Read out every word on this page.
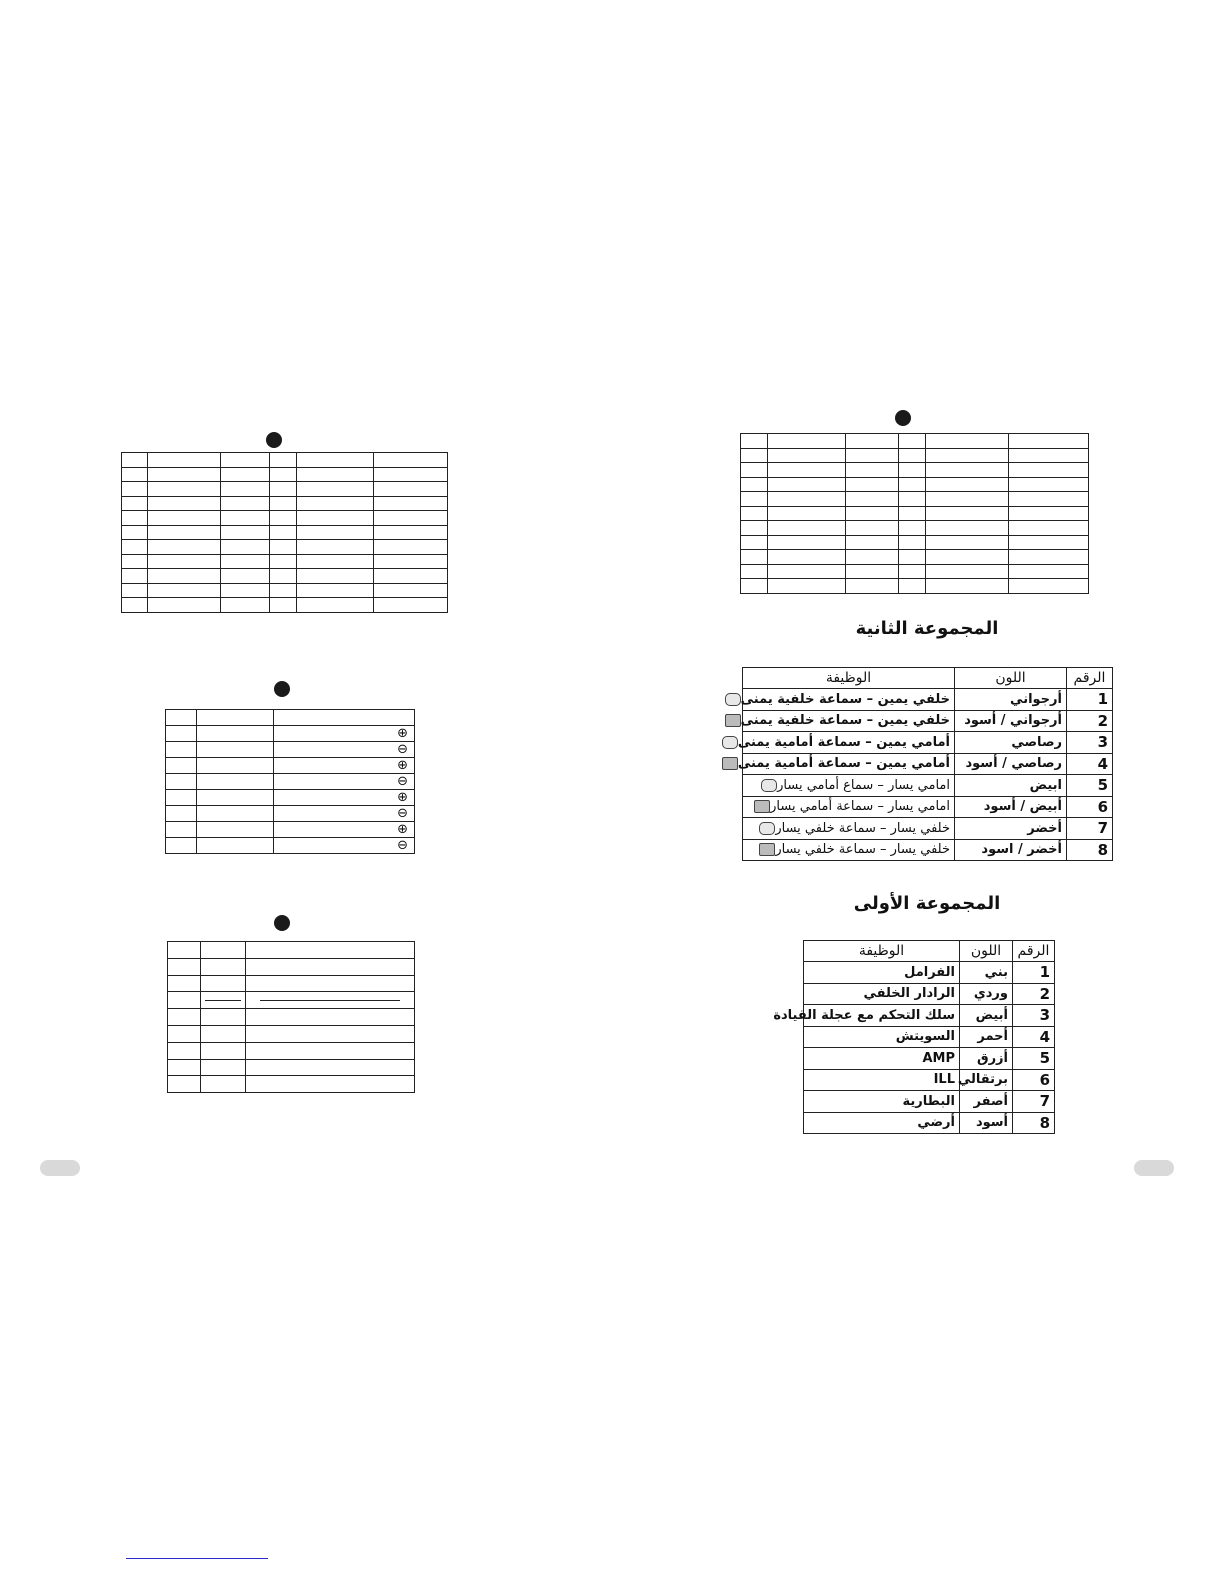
		⊕
		⊖
		⊕
		⊖
		⊕
		⊖
		⊕
		⊖

المجموعة الثانية
الرقم	اللون	الوظيفة
1	أرجواني	خلفي يمين – سماعة خلفية يمنى
2	أرجواني / أسود	خلفي يمين – سماعة خلفية يمنى
3	رصاصي	أمامي يمين – سماعة أمامية يمنى
4	رصاصي / أسود	أمامي يمين – سماعة أمامية يمنى
5	ابيض	امامي يسار – سماع أمامي يسار
6	أبيض / أسود	امامي يسار – سماعة أمامي يسار
7	أخضر	خلفي يسار – سماعة خلفي يسار
8	أخضر / اسود	خلفي يسار – سماعة خلفي يسار
المجموعة الأولى
الرقم	اللون	الوظيفة
1	بني	الفرامل
2	وردي	الرادار الخلفي
3	أبيض	سلك التحكم مع عجلة القيادة
4	أحمر	السويتش
5	أزرق	AMP
6	برتقالي	ILL
7	أصفر	البطارية
8	أسود	أرضي
